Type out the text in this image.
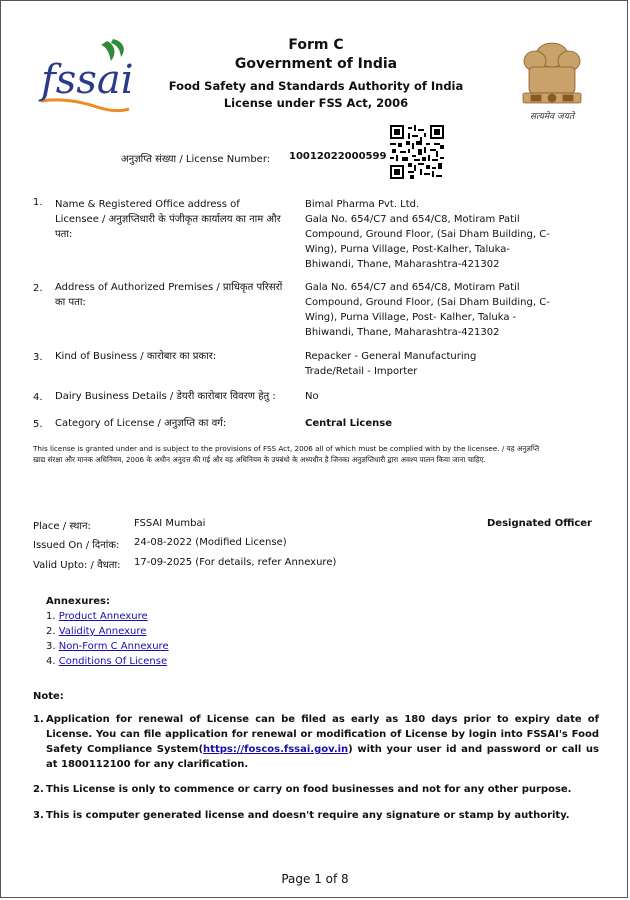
fssai
Form C
Government of India
Food Safety and Standards Authority of India
License under FSS Act, 2006
सत्यमेव जयते
अनुज्ञप्ति संख्या / License Number: 10012022000599
1. Name & Registered Office address of Licensee / अनुज्ञप्तिधारी के पंजीकृत कार्यालय का नाम और पता:
Bimal Pharma Pvt. Ltd.
Gala No. 654/C7 and 654/C8, Motiram Patil Compound, Ground Floor, (Sai Dham Building, C-Wing), Purna Village, Post-Kalher, Taluka-Bhiwandi, Thane, Maharashtra-421302
2. Address of Authorized Premises / प्राधिकृत परिसरों का पता:
Gala No. 654/C7 and 654/C8, Motiram Patil Compound, Ground Floor, (Sai Dham Building, C-Wing), Purna Village, Post- Kalher, Taluka - Bhiwandi, Thane, Maharashtra-421302
3. Kind of Business / कारोबार का प्रकार:	Repacker - General Manufacturing
Trade/Retail - Importer
4. Dairy Business Details / डेयरी कारोबार विवरण हेतु :	No
5. Category of License / अनुज्ञप्ति का वर्ग:	Central License
This license is granted under and is subject to the provisions of FSS Act, 2006 all of which must be complied with by the licensee. / यह अनुज्ञप्ति खाद्य संरक्षा और मानक अधिनियम, 2006 के अधीन अनुदत्त की गई और यह अधिनियम के उपबंधो के अध्यधीन है जिनका अनुज्ञप्तिधारी द्वारा अवश्य पालन किया जाना चाहिए.
Place / स्थान:	FSSAI Mumbai	Designated Officer
Issued On / दिनांक: 24-08-2022 (Modified License)
Valid Upto: / वैधता: 17-09-2025 (For details, refer Annexure)
Annexures:
1. Product Annexure
2. Validity Annexure
3. Non-Form C Annexure
4. Conditions Of License
Note:
1. Application for renewal of License can be filed as early as 180 days prior to expiry date of License. You can file application for renewal or modification of License by login into FSSAI's Food Safety Compliance System(https://foscos.fssai.gov.in) with your user id and password or call us at 1800112100 for any clarification.
2. This License is only to commence or carry on food businesses and not for any other purpose.
3. This is computer generated license and doesn't require any signature or stamp by authority.
Page 1 of 8
